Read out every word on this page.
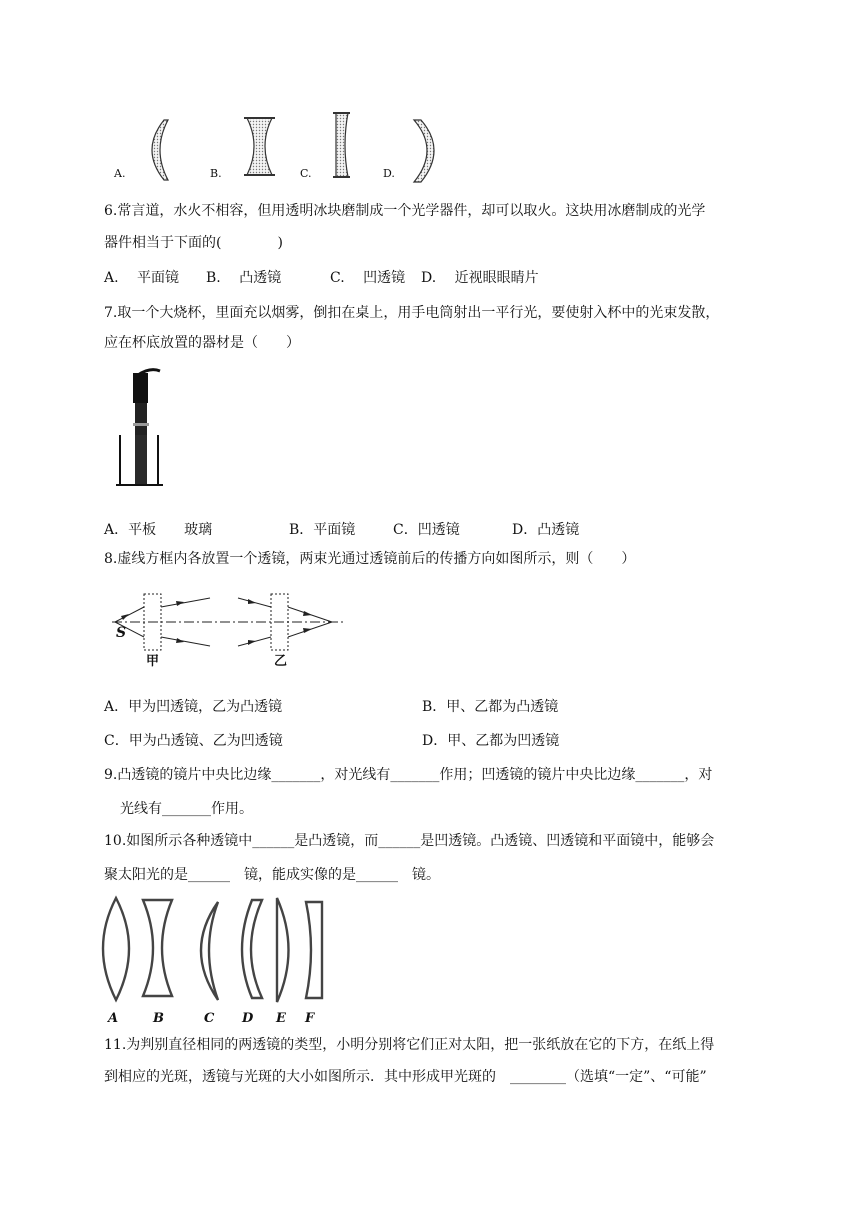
A.	B.	C.	D.
6.常言道，水火不相容，但用透明冰块磨制成一个光学器件，却可以取火。这块用冰磨制成的光学
器件相当于下面的(　　　　)
A.　 平面镜 B.　 凸透镜	C.　 凹透镜 D.　 近视眼眼睛片
7.取一个大烧杯，里面充以烟雾，倒扣在桌上，用手电筒射出一平行光，要使射入杯中的光束发散，
应在杯底放置的器材是（　　）
A．平板　　玻璃	B．平面镜	C．凹透镜	D．凸透镜
8.虚线方框内各放置一个透镜，两束光通过透镜前后的传播方向如图所示，则（　　）
S
甲	乙
A．甲为凹透镜，乙为凸透镜	B．甲、乙都为凸透镜
C．甲为凸透镜、乙为凹透镜	D．甲、乙都为凹透镜
9.凸透镜的镜片中央比边缘_______，对光线有_______作用；凹透镜的镜片中央比边缘_______，对
光线有_______作用。
10.如图所示各种透镜中______是凸透镜，而______是凹透镜。凸透镜、凹透镜和平面镜中，能够会
聚太阳光的是______　镜，能成实像的是______　镜。
A	B	C D E F
11.为判别直径相同的两透镜的类型，小明分别将它们正对太阳，把一张纸放在它的下方，在纸上得
到相应的光斑，透镜与光斑的大小如图所示．其中形成甲光斑的　________（选填“一定”、“可能”
